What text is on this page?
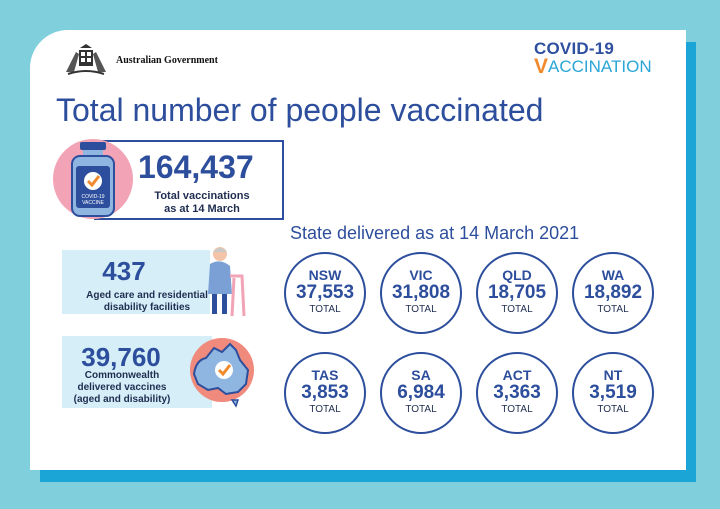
Australian Government
COVID-19
V ACCINATION
Total number of people vaccinated
COVID-19
VACCINE
164,437
Total vaccinations
as at 14 March
437
Aged care and residential
disability facilities
39,760
Commonwealth
delivered vaccines
(aged and disability)
State delivered as at 14 March 2021
NSW
37,553
TOTAL
VIC
31,808
TOTAL
QLD
18,705
TOTAL
WA
18,892
TOTAL
TAS
3,853
TOTAL
SA
6,984
TOTAL
ACT
3,363
TOTAL
NT
3,519
TOTAL
